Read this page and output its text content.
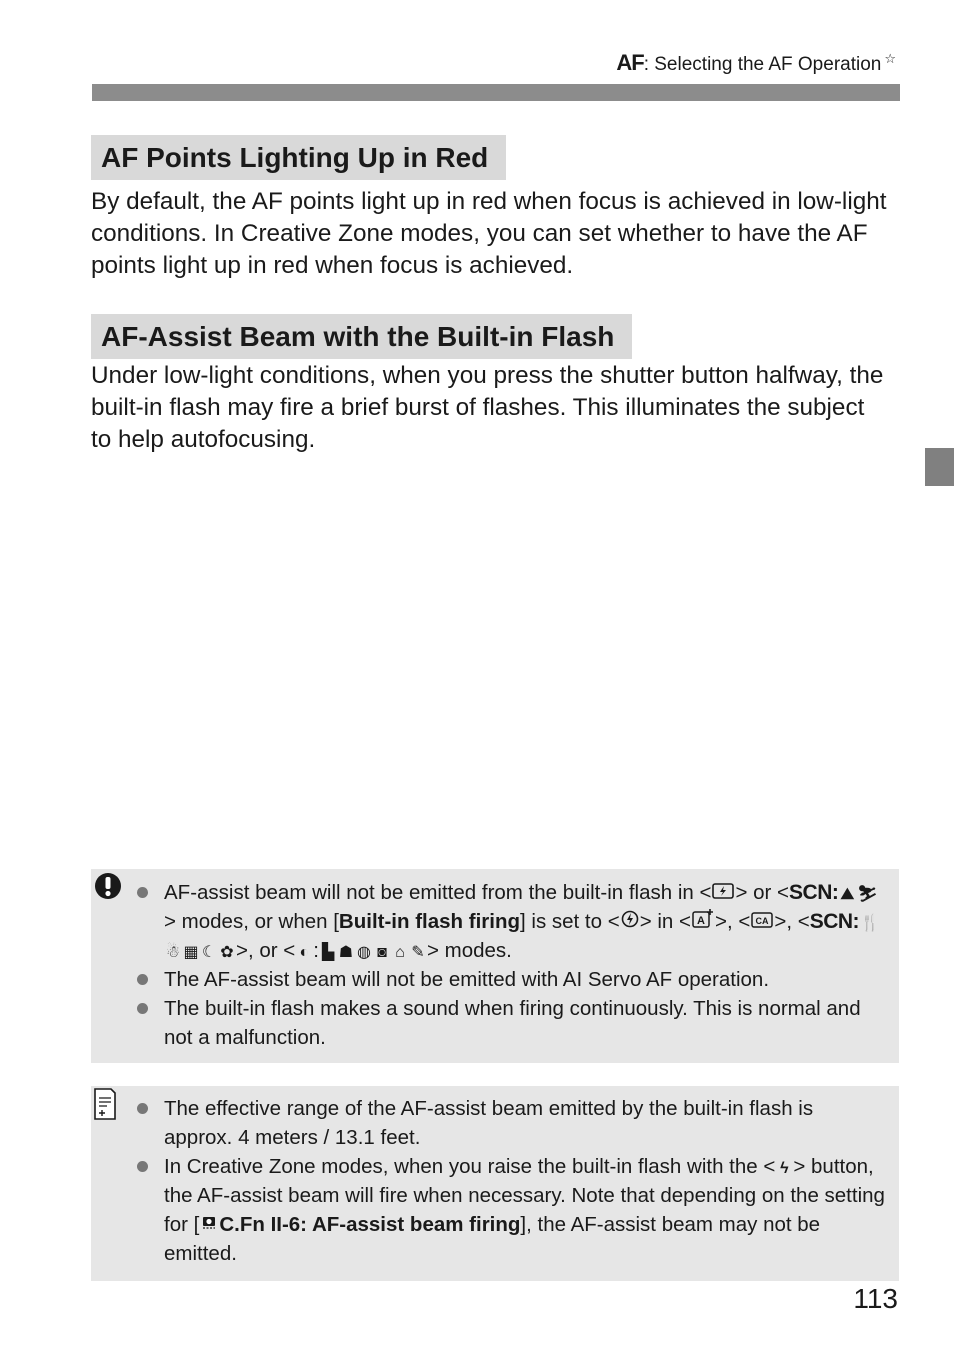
AF: Selecting the AF Operation ☆
AF Points Lighting Up in Red

By default, the AF points light up in red when focus is achieved in low-light conditions. In Creative Zone modes, you can set whether to have the AF points light up in red when focus is achieved.

AF-Assist Beam with the Built-in Flash

Under low-light conditions, when you press the shutter button halfway, the built-in flash may fire a brief burst of flashes. This illuminates the subject to help autofocusing.

AF-assist beam will not be emitted from the built-in flash in < > or <SCN: ⛰ ⛷> modes, or when [Built-in flash firing] is set to < > in < A >, < CA >, <SCN:🍴☃ ▦ ☾ ✿ >, or < ◐ : ▙ ☗ ◍ ◙ ⌂ ✎ > modes.
The AF-assist beam will not be emitted with AI Servo AF operation.
The built-in flash makes a sound when firing continuously. This is normal and not a malfunction.
The effective range of the AF-assist beam emitted by the built-in flash is approx. 4 meters / 13.1 feet.
In Creative Zone modes, when you raise the built-in flash with the < ϟ > button, the AF-assist beam will fire when necessary. Note that depending on the setting for [ C.Fn II-6: AF-assist beam firing], the AF-assist beam may not be emitted.
113
